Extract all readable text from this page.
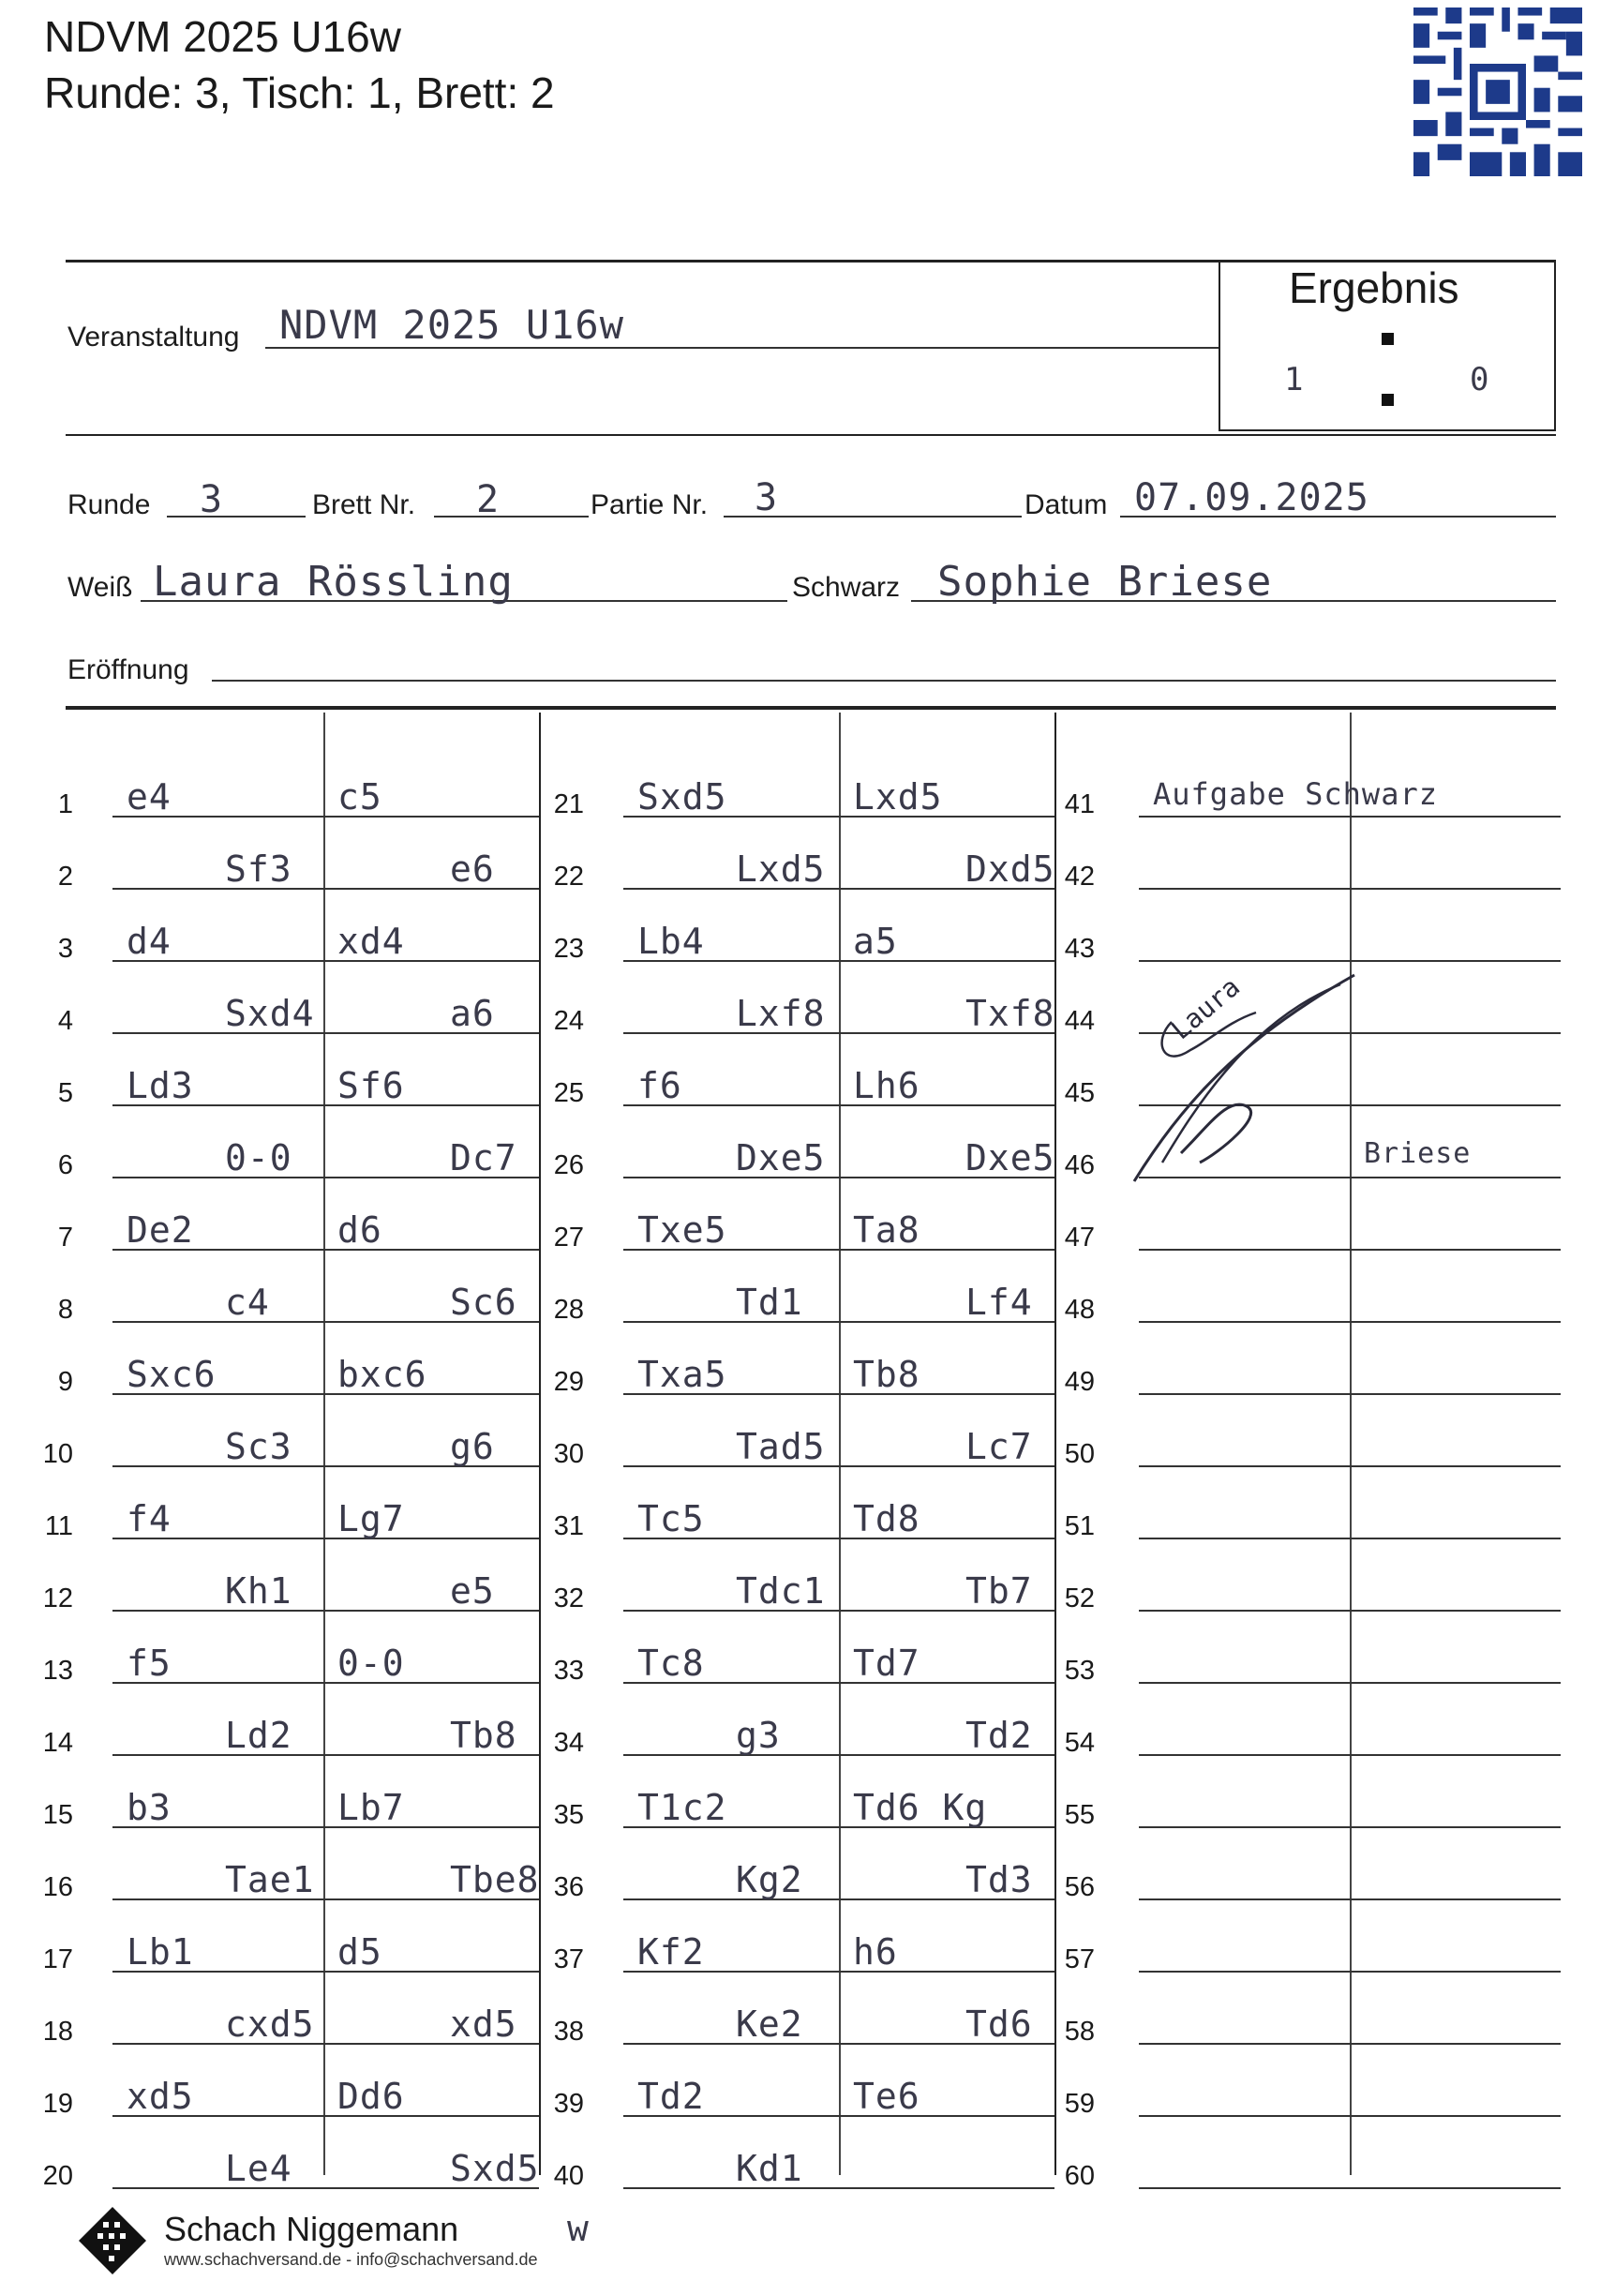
NDVM 2025 U16w
Runde: 3, Tisch: 1, Brett: 2
Veranstaltung NDVM 2025 U16w
Ergebnis
1	0
Runde 3	Brett Nr. 2	Partie Nr. 3	Datum 07.09.2025
Weiß Laura Rössling	Schwarz Sophie Briese
Eröffnung
1 e4	c5
2	Sf3	e6
3 d4	xd4
4	Sxd4	a6
5 Ld3	Sf6
6	0-0	Dc7
7 De2	d6
8	c4	Sc6
9 Sxc6	bxc6
10	Sc3	g6
11 f4	Lg7
12	Kh1	e5
13 f5	0-0
14	Ld2	Tb8
15 b3	Lb7
16	Tae1	Tbe8
17 Lb1	d5
18	cxd5	xd5
19 xd5	Dd6
20	Le4	Sxd5
21 Sxd5	Lxd5
22	Lxd5	Dxd5
23 Lb4	a5
24	Lxf8	Txf8
25 f6	Lh6
26	Dxe5	Dxe5
27 Txe5	Ta8
28	Td1	Lf4
29 Txa5	Tb8
30	Tad5	Lc7
31 Tc5	Td8
32	Tdc1	Tb7
33 Tc8	Td7
34	g3	Td2
35 T1c2	Td6 Kg
36	Kg2	Td3
37 Kf2	h6
38	Ke2	Td6
39 Td2	Te6
40	Kd1
41 Aufgabe Schwarz
42
43
44
45
46	Briese
47
48
49
50
51
52
53
54
55
56
57
58
59
60
Laura
Schach Niggemann
www.schachversand.de - info@schachversand.de
w
